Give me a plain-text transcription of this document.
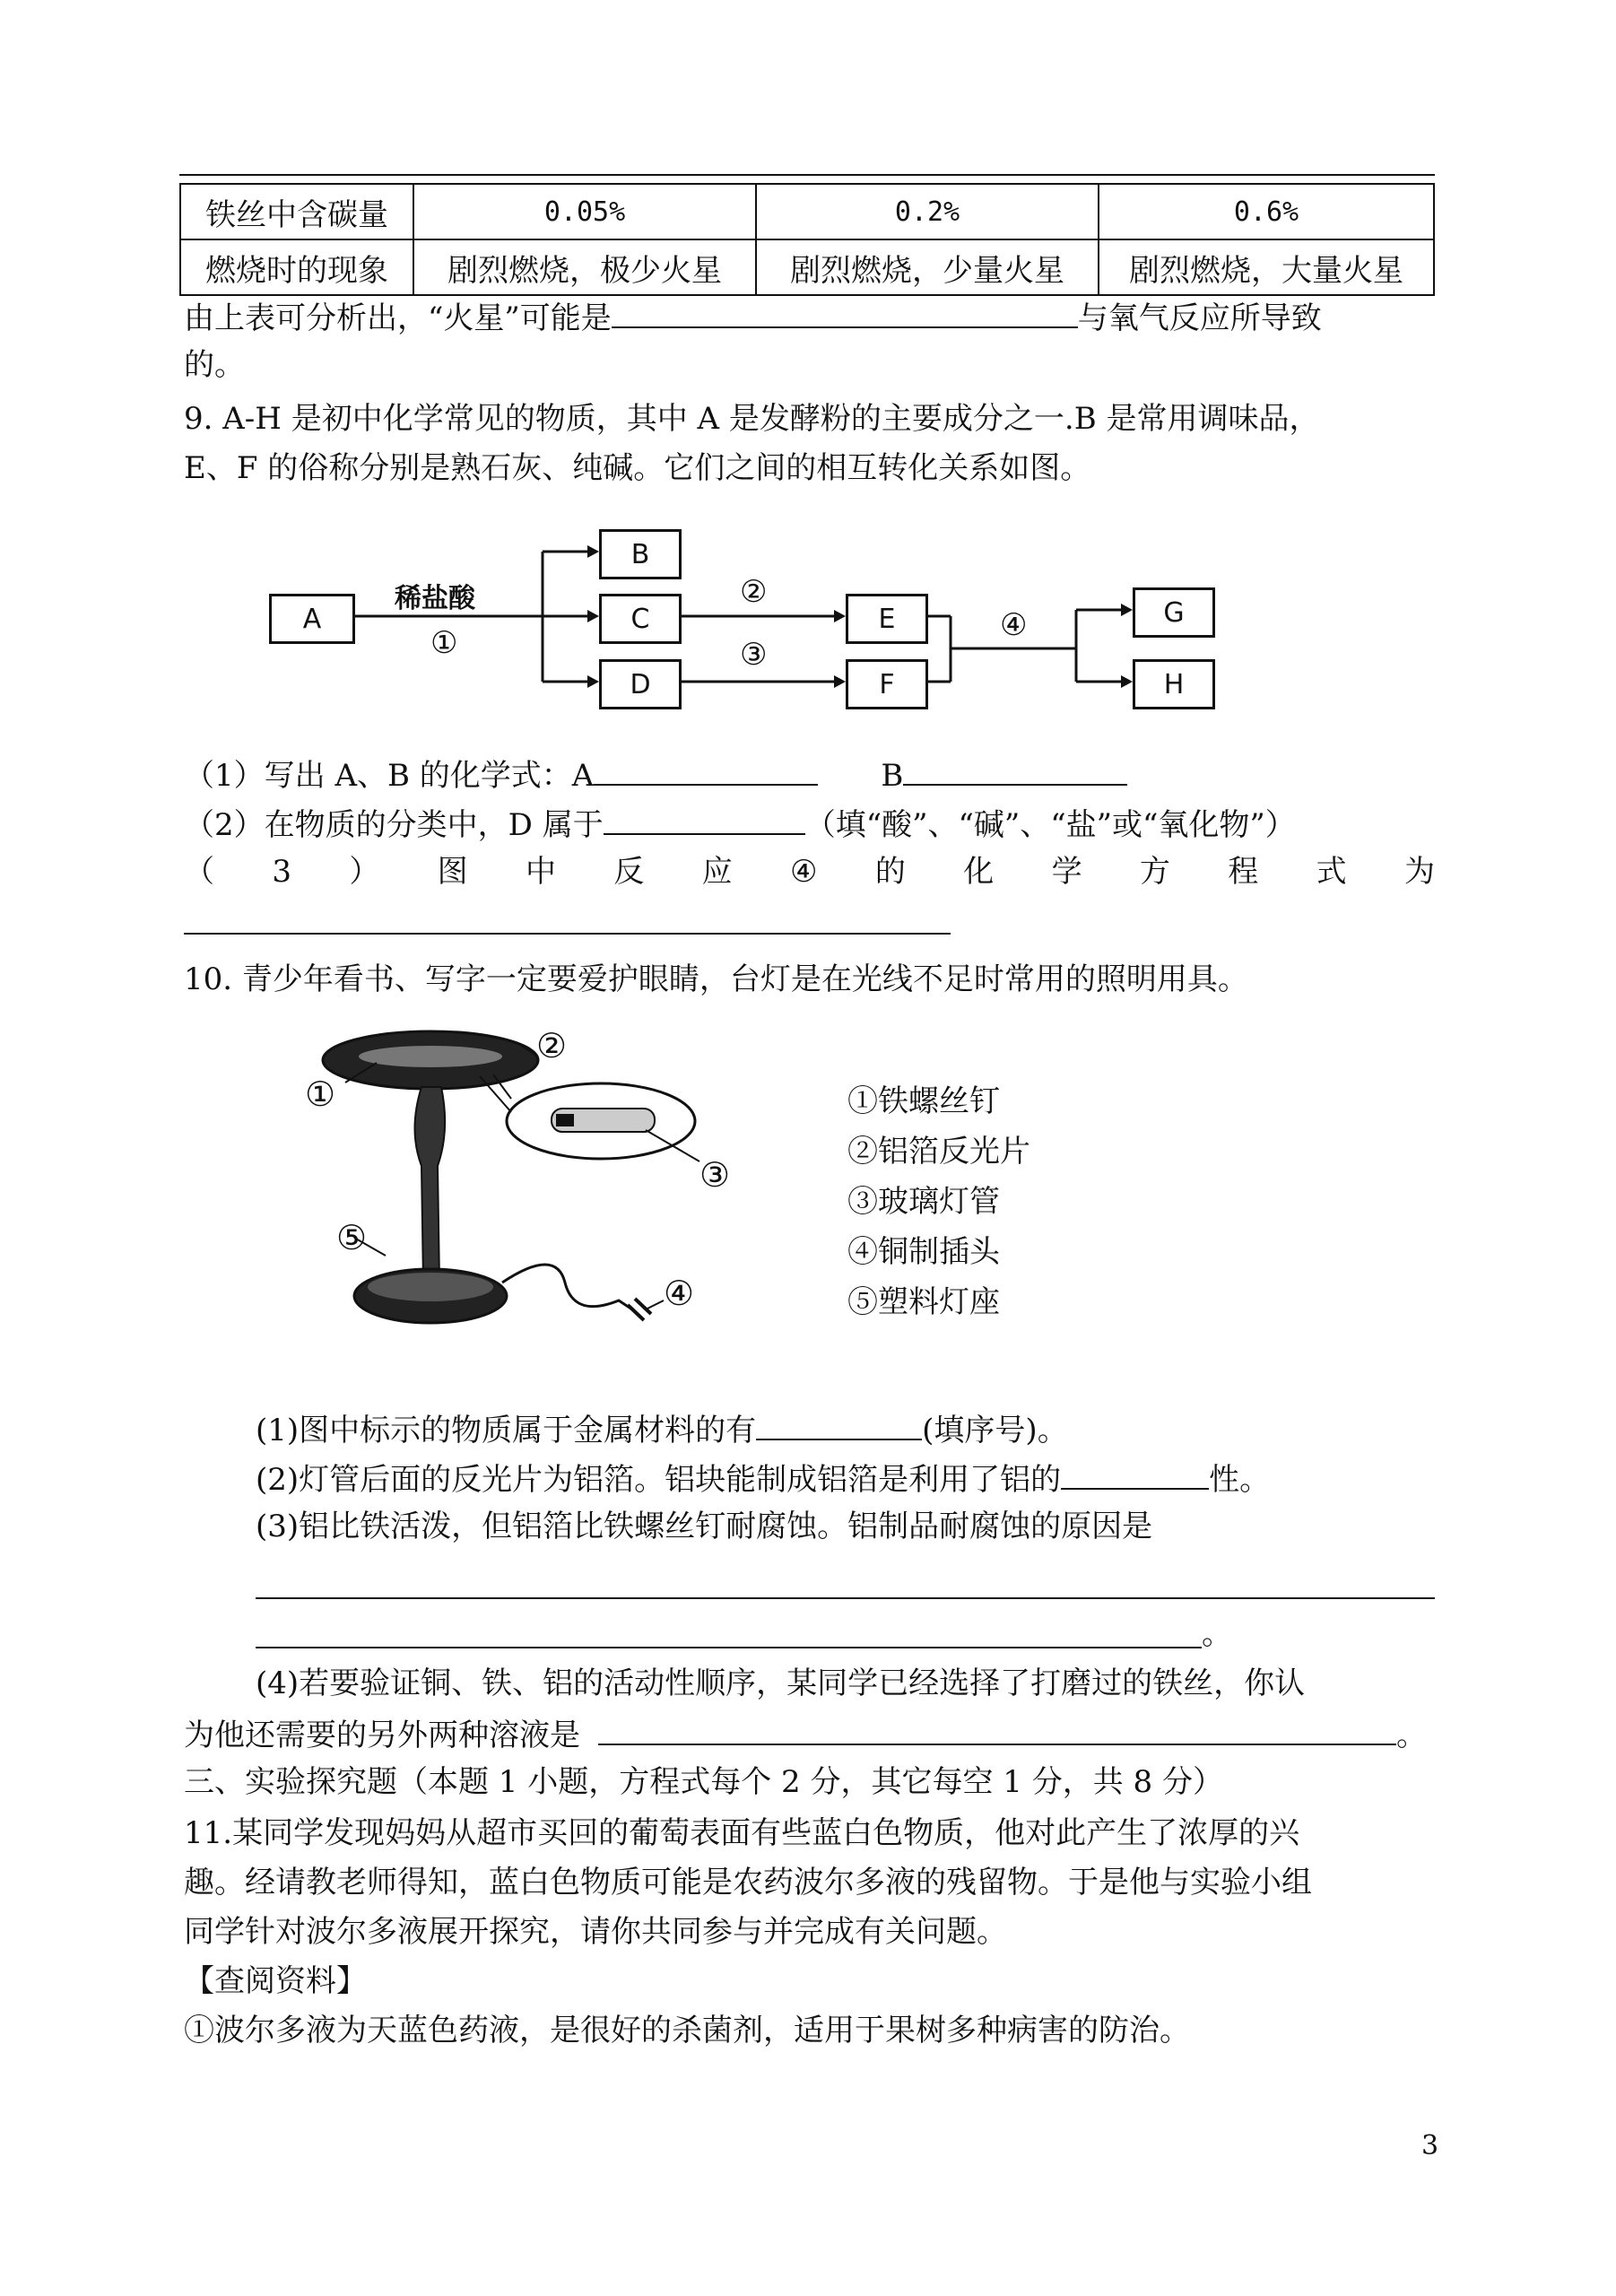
铁丝中含碳量	0.05%	0.2%	0.6%
燃烧时的现象	剧烈燃烧，极少火星	剧烈燃烧，少量火星	剧烈燃烧，大量火星
由上表可分析出，“火星”可能是	与氧气反应所导致
的。
9. A-H 是初中化学常见的物质，其中 A 是发酵粉的主要成分之一.B 是常用调味品，
E、F 的俗称分别是熟石灰、纯碱。它们之间的相互转化关系如图。
A
B
C
D
E
F
G
H
稀盐酸
①
②
③
④
（1）写出 A、B 的化学式：A	B
（2）在物质的分类中，D 属于	（填“酸”、“碱”、“盐”或“氧化物”）
（ 3 ） 图 中 反 应 ④ 的 化 学 方 程 式 为
10. 青少年看书、写字一定要爱护眼睛，台灯是在光线不足时常用的照明用具。
①
②
③
④
⑤
①铁螺丝钉
②铝箔反光片
③玻璃灯管
④铜制插头
⑤塑料灯座
(1)图中标示的物质属于金属材料的有	(填序号)。
(2)灯管后面的反光片为铝箔。铝块能制成铝箔是利用了铝的	性。
(3)铝比铁活泼，但铝箔比铁螺丝钉耐腐蚀。铝制品耐腐蚀的原因是
。
(4)若要验证铜、铁、铝的活动性顺序，某同学已经选择了打磨过的铁丝，你认
为他还需要的另外两种溶液是	。
三、实验探究题（本题 1 小题，方程式每个 2 分，其它每空 1 分，共 8 分）
11.某同学发现妈妈从超市买回的葡萄表面有些蓝白色物质，他对此产生了浓厚的兴
趣。经请教老师得知，蓝白色物质可能是农药波尔多液的残留物。于是他与实验小组
同学针对波尔多液展开探究，请你共同参与并完成有关问题。
【查阅资料】
①波尔多液为天蓝色药液，是很好的杀菌剂，适用于果树多种病害的防治。
3
